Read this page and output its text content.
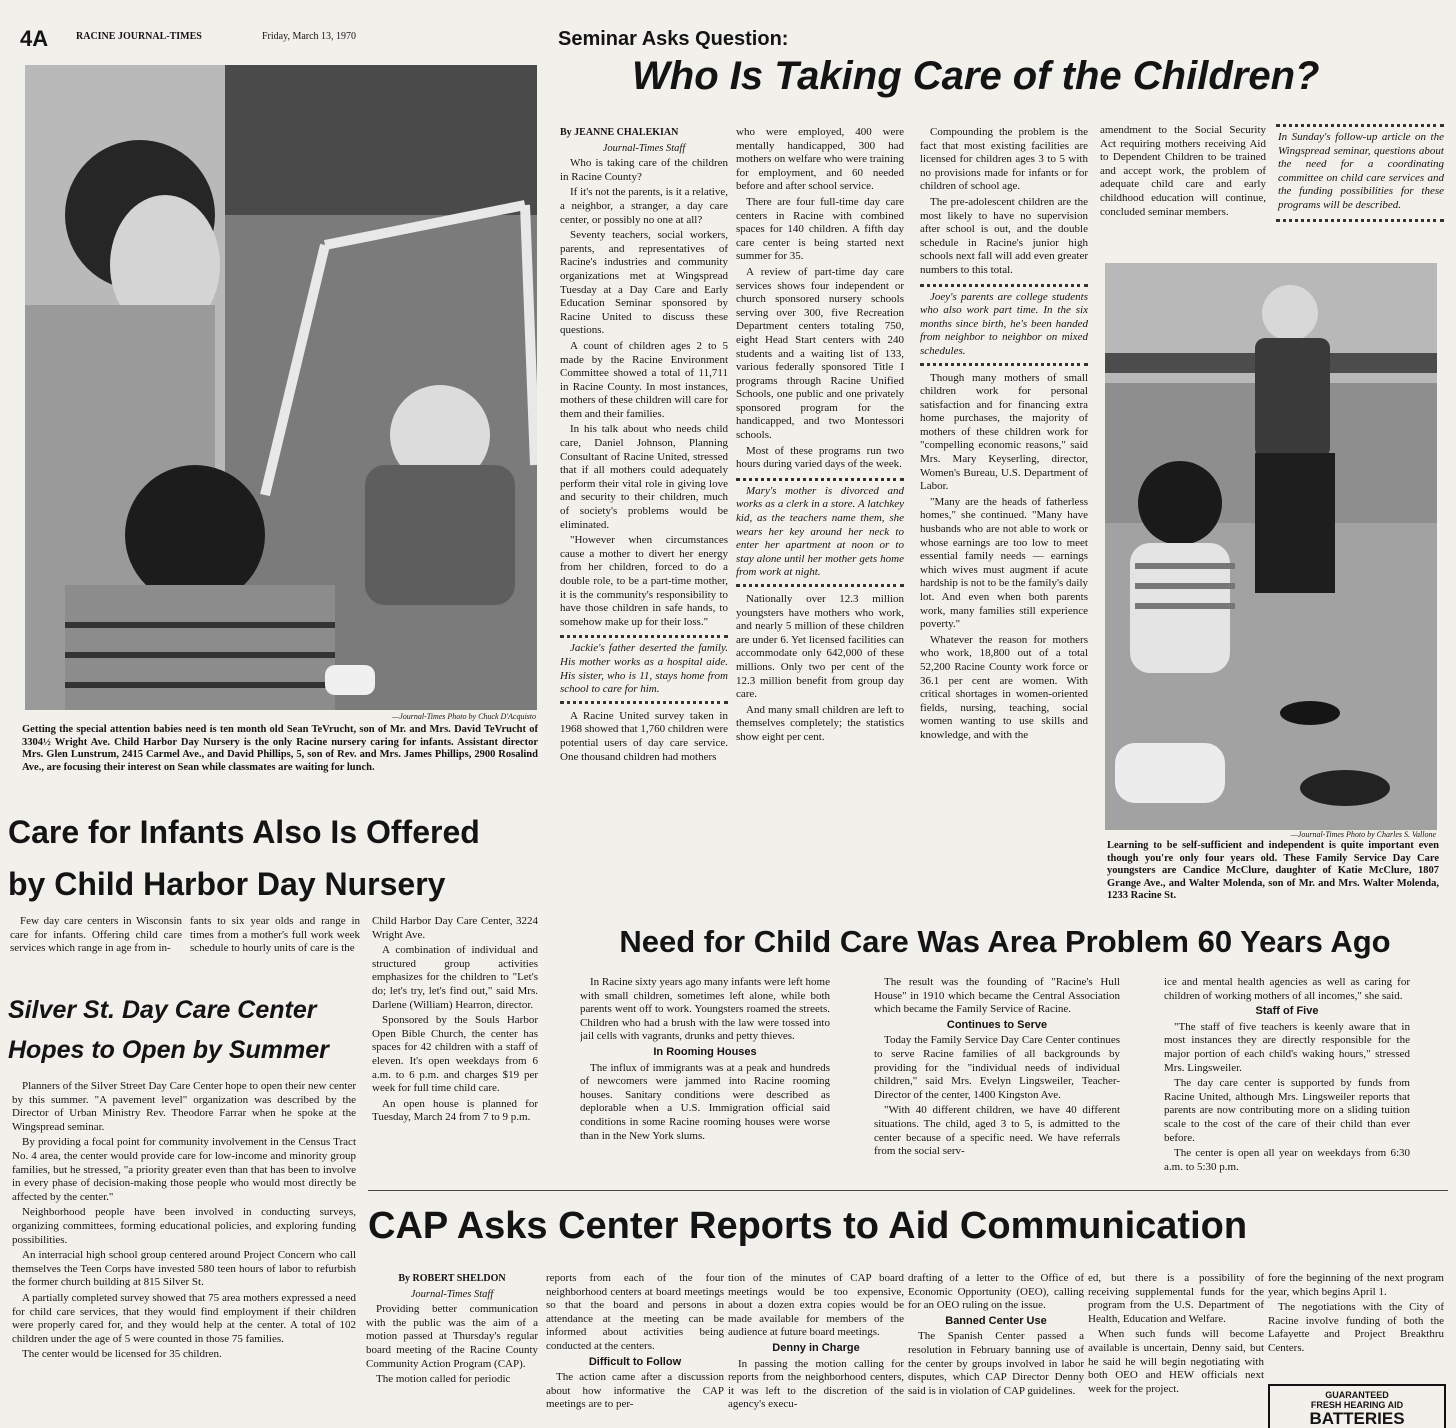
4A	RACINE JOURNAL-TIMES	Friday, March 13, 1970
—Journal-Times Photo by Chuck D'Acquisto
Getting the special attention babies need is ten month old Sean TeVrucht, son of Mr. and Mrs. David TeVrucht of 3304½ Wright Ave. Child Harbor Day Nursery is the only Racine nursery caring for infants. Assistant director Mrs. Glen Lunstrum, 2415 Carmel Ave., and David Phillips, 5, son of Rev. and Mrs. James Phillips, 2900 Rosalind Ave., are focusing their interest on Sean while classmates are waiting for lunch.
Care for Infants Also Is Offered
by Child Harbor Day Nursery

Few day care centers in Wisconsin care for infants. Offering child care services which range in age from in-

fants to six year olds and range in times from a mother's full work week schedule to hourly units of care is the

Child Harbor Day Care Center, 3224 Wright Ave.

A combination of individual and structured group activities emphasizes for the children to "Let's do; let's try, let's find out," said Mrs. Darlene (William) Hearron, director.

Sponsored by the Souls Harbor Open Bible Church, the center has spaces for 42 children with a staff of eleven. It's open weekdays from 6 a.m. to 6 p.m. and charges $19 per week for full time child care.

An open house is planned for Tuesday, March 24 from 7 to 9 p.m.

Silver St. Day Care Center
Hopes to Open by Summer

Planners of the Silver Street Day Care Center hope to open their new center by this summer. "A pavement level" organization was described by the Director of Urban Ministry Rev. Theodore Farrar when he spoke at the Wingspread seminar.

By providing a focal point for community involvement in the Census Tract No. 4 area, the center would provide care for low-income and minority group families, but he stressed, "a priority greater even than that has been to involve in every phase of decision-making those people who would most directly be affected by the center."

Neighborhood people have been involved in conducting surveys, organizing committees, forming educational policies, and exploring funding possibilities.

An interracial high school group centered around Project Concern who call themselves the Teen Corps have invested 580 teen hours of labor to refurbish the former church building at 815 Silver St.

A partially completed survey showed that 75 area mothers expressed a need for child care services, that they would find employment if their children were properly cared for, and they would help at the center. A total of 102 children under the age of 5 were counted in those 75 families.

The center would be licensed for 35 children.

Seminar Asks Question:
Who Is Taking Care of the Children?

By JEANNE CHALEKIAN

Journal-Times Staff

Who is taking care of the children in Racine County?

If it's not the parents, is it a relative, a neighbor, a stranger, a day care center, or possibly no one at all?

Seventy teachers, social workers, parents, and representatives of Racine's industries and community organizations met at Wingspread Tuesday at a Day Care and Early Education Seminar sponsored by Racine United to discuss these questions.

A count of children ages 2 to 5 made by the Racine Environment Committee showed a total of 11,711 in Racine County. In most instances, mothers of these children will care for them and their families.

In his talk about who needs child care, Daniel Johnson, Planning Consultant of Racine United, stressed that if all mothers could adequately perform their vital role in giving love and security to their children, much of society's problems would be eliminated.

"However when circumstances cause a mother to divert her energy from her children, forced to do a double role, to be a part-time mother, it is the community's responsibility to have those children in safe hands, to somehow make up for their loss."

Jackie's father deserted the family. His mother works as a hospital aide. His sister, who is 11, stays home from school to care for him.

A Racine United survey taken in 1968 showed that 1,760 children were potential users of day care service. One thousand children had mothers

who were employed, 400 were mentally handicapped, 300 had mothers on welfare who were training for employment, and 60 needed before and after school service.

There are four full-time day care centers in Racine with combined spaces for 140 children. A fifth day care center is being started next summer for 35.

A review of part-time day care services shows four independent or church sponsored nursery schools serving over 300, five Recreation Department centers totaling 750, eight Head Start centers with 240 students and a waiting list of 133, various federally sponsored Title I programs through Racine Unified Schools, one public and one privately sponsored program for the handicapped, and two Montessori schools.

Most of these programs run two hours during varied days of the week.

Mary's mother is divorced and works as a clerk in a store. A latchkey kid, as the teachers name them, she wears her key around her neck to enter her apartment at noon or to stay alone until her mother gets home from work at night.

Nationally over 12.3 million youngsters have mothers who work, and nearly 5 million of these children are under 6. Yet licensed facilities can accommodate only 642,000 of these millions. Only two per cent of the 12.3 million benefit from group day care.

And many small children are left to themselves completely; the statistics show eight per cent.

Compounding the problem is the fact that most existing facilities are licensed for children ages 3 to 5 with no provisions made for infants or for children of school age.

The pre-adolescent children are the most likely to have no supervision after school is out, and the double schedule in Racine's junior high schools next fall will add even greater numbers to this total.

Joey's parents are college students who also work part time. In the six months since birth, he's been handed from neighbor to neighbor on mixed schedules.

Though many mothers of small children work for personal satisfaction and for financing extra home purchases, the majority of mothers of these children work for "compelling economic reasons," said Mrs. Mary Keyserling, director, Women's Bureau, U.S. Department of Labor.

"Many are the heads of fatherless homes," she continued. "Many have husbands who are not able to work or whose earnings are too low to meet essential family needs — earnings which wives must augment if acute hardship is not to be the family's daily lot. And even when both parents work, many families still experience poverty."

Whatever the reason for mothers who work, 18,800 out of a total 52,200 Racine County work force or 36.1 per cent are women. With critical shortages in women-oriented fields, nursing, teaching, social women wanting to use skills and knowledge, and with the

amendment to the Social Security Act requiring mothers receiving Aid to Dependent Children to be trained and accept work, the problem of adequate child care and early childhood education will continue, concluded seminar members.

In Sunday's follow-up article on the Wingspread seminar, questions about the need for a coordinating committee on child care services and the funding possibilities for these programs will be described.
—Journal-Times Photo by Charles S. Vallone
Learning to be self-sufficient and independent is quite important even though you're only four years old. These Family Service Day Care youngsters are Candice McClure, daughter of Katie McClure, 1807 Grange Ave., and Walter Molenda, son of Mr. and Mrs. Walter Molenda, 1233 Racine St.
Need for Child Care Was Area Problem 60 Years Ago

In Racine sixty years ago many infants were left home with small children, sometimes left alone, while both parents went off to work. Youngsters roamed the streets. Children who had a brush with the law were tossed into jail cells with vagrants, drunks and petty thieves.

In Rooming Houses

The influx of immigrants was at a peak and hundreds of newcomers were jammed into Racine rooming houses. Sanitary conditions were described as deplorable when a U.S. Immigration official said conditions in some Racine rooming houses were worse than in the New York slums.

The result was the founding of "Racine's Hull House" in 1910 which became the Central Association which became the Family Service of Racine.

Continues to Serve

Today the Family Service Day Care Center continues to serve Racine families of all backgrounds by providing for the "individual needs of individual children," said Mrs. Evelyn Lingsweiler, Teacher-Director of the center, 1400 Kingston Ave.

"With 40 different children, we have 40 different situations. The child, aged 3 to 5, is admitted to the center because of a specific need. We have referrals from the social serv-

ice and mental health agencies as well as caring for children of working mothers of all incomes," she said.

Staff of Five

"The staff of five teachers is keenly aware that in most instances they are directly responsible for the major portion of each child's waking hours," stressed Mrs. Lingsweiler.

The day care center is supported by funds from Racine United, although Mrs. Lingsweiler reports that parents are now contributing more on a sliding tuition scale to the cost of the care of their child than ever before.

The center is open all year on weekdays from 6:30 a.m. to 5:30 p.m.

CAP Asks Center Reports to Aid Communication

By ROBERT SHELDON

Journal-Times Staff

Providing better communication with the public was the aim of a motion passed at Thursday's regular board meeting of the Racine County Community Action Program (CAP).

The motion called for periodic

reports from each of the four neighborhood centers at board meetings so that the board and persons in attendance at the meeting can be informed about activities being conducted at the centers.

Difficult to Follow

The action came after a discussion about how informative the CAP meetings are to per-

tion of the minutes of CAP board meetings would be too expensive, about a dozen extra copies would be made available for members of the audience at future board meetings.

Denny in Charge

In passing the motion calling for reports from the neighborhood centers, it was left to the discretion of the agency's execu-

drafting of a letter to the Office of Economic Opportunity (OEO), calling for an OEO ruling on the issue.

Banned Center Use

The Spanish Center passed a resolution in February banning use of the center by groups involved in labor disputes, which CAP Director Denny said is in violation of CAP guidelines.

ed, but there is a possibility of receiving supplemental funds for the program from the U.S. Department of Health, Education and Welfare.

When such funds will become available is uncertain, Denny said, but he said he will begin negotiating with both OEO and HEW officials next week for the project.

fore the beginning of the next program year, which begins April 1.

The negotiations with the City of Racine involve funding of both the Lafayette and Project Breakthru Centers.

GUARANTEED
FRESH HEARING AID
BATTERIES
